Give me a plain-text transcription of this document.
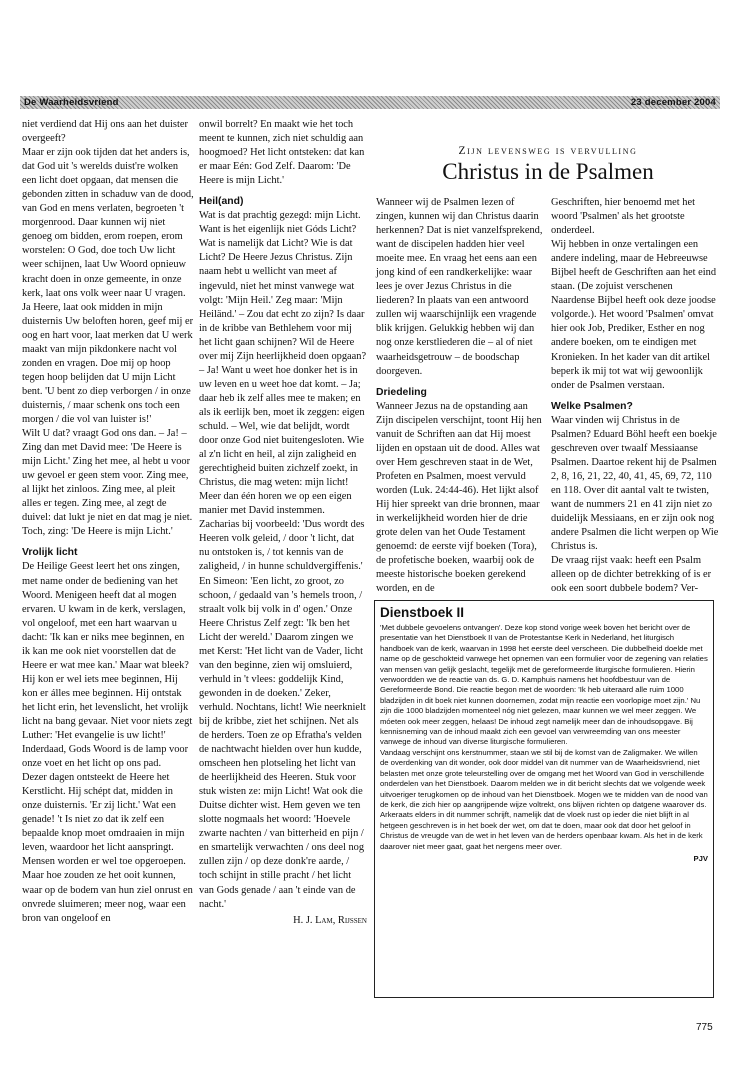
De Waarheidsvriend	23 december 2004

niet verdiend dat Hij ons aan het duister overgeeft?

Maar er zijn ook tijden dat het anders is, dat God uit 's werelds duist're wolken een licht doet opgaan, dat mensen die gebonden zitten in schaduw van de dood, van God en mens verlaten, begroeten 't morgenrood. Daar kunnen wij niet genoeg om bidden, erom roepen, erom worstelen: O God, doe toch Uw licht weer schijnen, laat Uw Woord opnieuw kracht doen in onze gemeente, in onze kerk, laat ons volk weer naar U vragen. Ja Heere, laat ook midden in mijn duisternis Uw beloften horen, geef mij er oog en hart voor, laat merken dat U werk maakt van mijn pikdonkere nacht vol zonden en vragen. Doe mij op hoop tegen hoop belijden dat U mijn Licht bent. 'U bent zo diep verborgen / in onze duisternis, / maar schenk ons toch een morgen / die vol van luister is!'

Wilt U dat? vraagt God ons dan. – Ja! – Zing dan met David mee: 'De Heere is mijn Licht.' Zing het mee, al hebt u voor uw gevoel er geen stem voor. Zing mee, al lijkt het zinloos. Zing mee, al pleit alles er tegen. Zing mee, al zegt de duivel: dat lukt je niet en dat mag je niet. Toch, zing: 'De Heere is mijn Licht.'

Vrolijk licht

De Heilige Geest leert het ons zingen, met name onder de bediening van het Woord. Menigeen heeft dat al mogen ervaren. U kwam in de kerk, verslagen, vol ongeloof, met een hart waarvan u dacht: 'Ik kan er niks mee beginnen, en ik kan me ook niet voorstellen dat de Heere er wat mee kan.' Maar wat bleek? Hij kon er wel iets mee beginnen, Hij kon er álles mee beginnen. Hij ontstak het licht erin, het levenslicht, het vrolijk licht na bang gevaar. Niet voor niets zegt Luther: 'Het evangelie is uw licht!' Inderdaad, Gods Woord is de lamp voor onze voet en het licht op ons pad.

Dezer dagen ontsteekt de Heere het Kerstlicht. Hij schépt dat, midden in onze duisternis. 'Er zij licht.' Wat een genade! 't Is niet zo dat ik zelf een bepaalde knop moet omdraaien in mijn leven, waardoor het licht aanspringt. Mensen worden er wel toe opgeroepen. Maar hoe zouden ze het ooit kunnen, waar op de bodem van hun ziel onrust en onvrede sluimeren; meer nog, waar een bron van ongeloof en

onwil borrelt? En maakt wie het toch meent te kunnen, zich niet schuldig aan hoogmoed? Het licht ontsteken: dat kan er maar Eén: God Zelf. Daarom: 'De Heere is mijn Licht.'

Heil(and)

Wat is dat prachtig gezegd: mijn Licht. Want is het eigenlijk niet Góds Licht? Wat is namelijk dat Licht? Wie is dat Licht? De Heere Jezus Christus. Zijn naam hebt u wellicht van meet af ingevuld, niet het minst vanwege wat volgt: 'Mijn Heil.' Zeg maar: 'Mijn Heiländ.' – Zou dat echt zo zijn? Is daar in de kribbe van Bethlehem voor mij het licht gaan schijnen? Wil de Heere over mij Zijn heerlijkheid doen opgaan? – Ja! Want u weet hoe donker het is in uw leven en u weet hoe dat komt. – Ja; daar heb ik zelf alles mee te maken; en als ik eerlijk ben, moet ik zeggen: eigen schuld. – Wel, wie dat belijdt, wordt door onze God niet buitengesloten. Wie al z'n licht en heil, al zijn zaligheid en gerechtigheid buiten zichzelf zoekt, in Christus, die mag weten: mijn licht!

Meer dan één horen we op een eigen manier met David instemmen. Zacharias bij voorbeeld: 'Dus wordt des Heeren volk geleid, / door 't licht, dat nu ontstoken is, / tot kennis van de zaligheid, / in hunne schuldvergiffenis.' En Simeon: 'Een licht, zo groot, zo schoon, / gedaald van 's hemels troon, / straalt volk bij volk in d' ogen.' Onze Heere Christus Zelf zegt: 'Ik ben het Licht der wereld.' Daarom zingen we met Kerst: 'Het licht van de Vader, licht van den beginne, zien wij omsluierd, verhuld in 't vlees: goddelijk Kind, gewonden in de doeken.' Zeker, verhuld. Nochtans, licht! Wie neerknielt bij de kribbe, ziet het schijnen. Net als de herders. Toen ze op Efratha's velden de nachtwacht hielden over hun kudde, omscheen hen plotseling het licht van de heerlijkheid des Heeren. Stuk voor stuk wisten ze: mijn Licht! Wat ook die Duitse dichter wist. Hem geven we ten slotte nogmaals het woord: 'Hoevele zwarte nachten / van bitterheid en pijn / en smartelijk verwachten / ons deel nog zullen zijn / op deze donk're aarde, / toch schijnt in stille pracht / het licht van Gods genade / aan 't einde van de nacht.'

H. J. Lam, Rijssen

Zijn levensweg is vervulling
Christus in de Psalmen

Wanneer wij de Psalmen lezen of zingen, kunnen wij dan Christus daarin herkennen? Dat is niet vanzelfsprekend, want de discipelen hadden hier veel moeite mee. En vraag het eens aan een jong kind of een randkerkelijke: waar lees je over Jezus Christus in die liederen? In plaats van een antwoord zullen wij waarschijnlijk een vragende blik krijgen. Gelukkig hebben wij dan nog onze kerstliederen die – al of niet waarheidsgetrouw – de boodschap doorgeven.

Driedeling

Wanneer Jezus na de opstanding aan Zijn discipelen verschijnt, toont Hij hen vanuit de Schriften aan dat Hij moest lijden en opstaan uit de dood. Alles wat over Hem geschreven staat in de Wet, Profeten en Psalmen, moest vervuld worden (Luk. 24:44-46). Het lijkt alsof Hij hier spreekt van drie bronnen, maar in werkelijkheid worden hier de drie grote delen van het Oude Testament genoemd: de eerste vijf boeken (Tora), de profetische boeken, waarbij ook de meeste historische boeken gerekend worden, en de

Geschriften, hier benoemd met het woord 'Psalmen' als het grootste onderdeel.

Wij hebben in onze vertalingen een andere indeling, maar de Hebreeuwse Bijbel heeft de Geschriften aan het eind staan. (De zojuist verschenen Naardense Bijbel heeft ook deze joodse volgorde.). Het woord 'Psalmen' omvat hier ook Job, Prediker, Esther en nog andere boeken, om te eindigen met Kronieken. In het kader van dit artikel beperk ik mij tot wat wij gewoonlijk onder de Psalmen verstaan.

Welke Psalmen?

Waar vinden wij Christus in de Psalmen? Eduard Böhl heeft een boekje geschreven over twaalf Messiaanse Psalmen. Daartoe rekent hij de Psalmen 2, 8, 16, 21, 22, 40, 41, 45, 69, 72, 110 en 118. Over dit aantal valt te twisten, want de nummers 21 en 41 zijn niet zo duidelijk Messiaans, en er zijn ook nog andere Psalmen die licht werpen op Wie Christus is.

De vraag rijst vaak: heeft een Psalm alleen op de dichter betrekking of is er ook een soort dubbele bodem? Ver-

Dienstboek II

'Met dubbele gevoelens ontvangen'. Deze kop stond vorige week boven het bericht over de presentatie van het Dienstboek II van de Protestantse Kerk in Nederland, het liturgisch handboek van de kerk, waarvan in 1998 het eerste deel verscheen. Die dubbelheid doelde met name op de geschokteid vanwege het opnemen van een formulier voor de zegening van relaties van mensen van gelijk geslacht, tegelijk met de gereformeerde liturgische formulieren. Hierin verwoordden we de reactie van ds. G. D. Kamphuis namens het hoofdbestuur van de Gereformeerde Bond. Die reactie begon met de woorden: 'Ik heb uiteraard alle ruim 1000 bladzijden in dit boek niet kunnen doornemen, zodat mijn reactie een voorlopige moet zijn.' Nu zijn die 1000 bladzijden momenteel nóg niet gelezen, maar kunnen we wel meer zeggen. We móeten ook meer zeggen, helaas! De inhoud zegt namelijk meer dan de inhoudsopgave. Bij kennisneming van de inhoud maakt zich een gevoel van verwreemding van ons meester vanwege de inhoud van diverse liturgische formulieren.

Vandaag verschijnt ons kerstnummer, staan we stil bij de komst van de Zaligmaker. We willen de overdenking van dit wonder, ook door middel van dit nummer van de Waarheidsvriend, niet belasten met onze grote teleurstelling over de omgang met het Woord van God in verschillende onderdelen van het Dienstboek. Daarom melden we in dit bericht slechts dat we volgende week uitvoeriger terugkomen op de inhoud van het Dienstboek. Mogen we te midden van de nood van de kerk, die zich hier op aangrijpende wijze voltrekt, ons blijven richten op datgene waarover ds. Arkeraats elders in dit nummer schrijft, namelijk dat de vloek rust op ieder die niet blijft in al hetgeen geschreven is in het boek der wet, om dat te doen, maar ook dat door het geloof in Christus de vreugde van de wet in het leven van de herders openbaar kwam. Als het in de kerk daarover niet meer gaat, gaat het nergens meer over.

PJV

775
